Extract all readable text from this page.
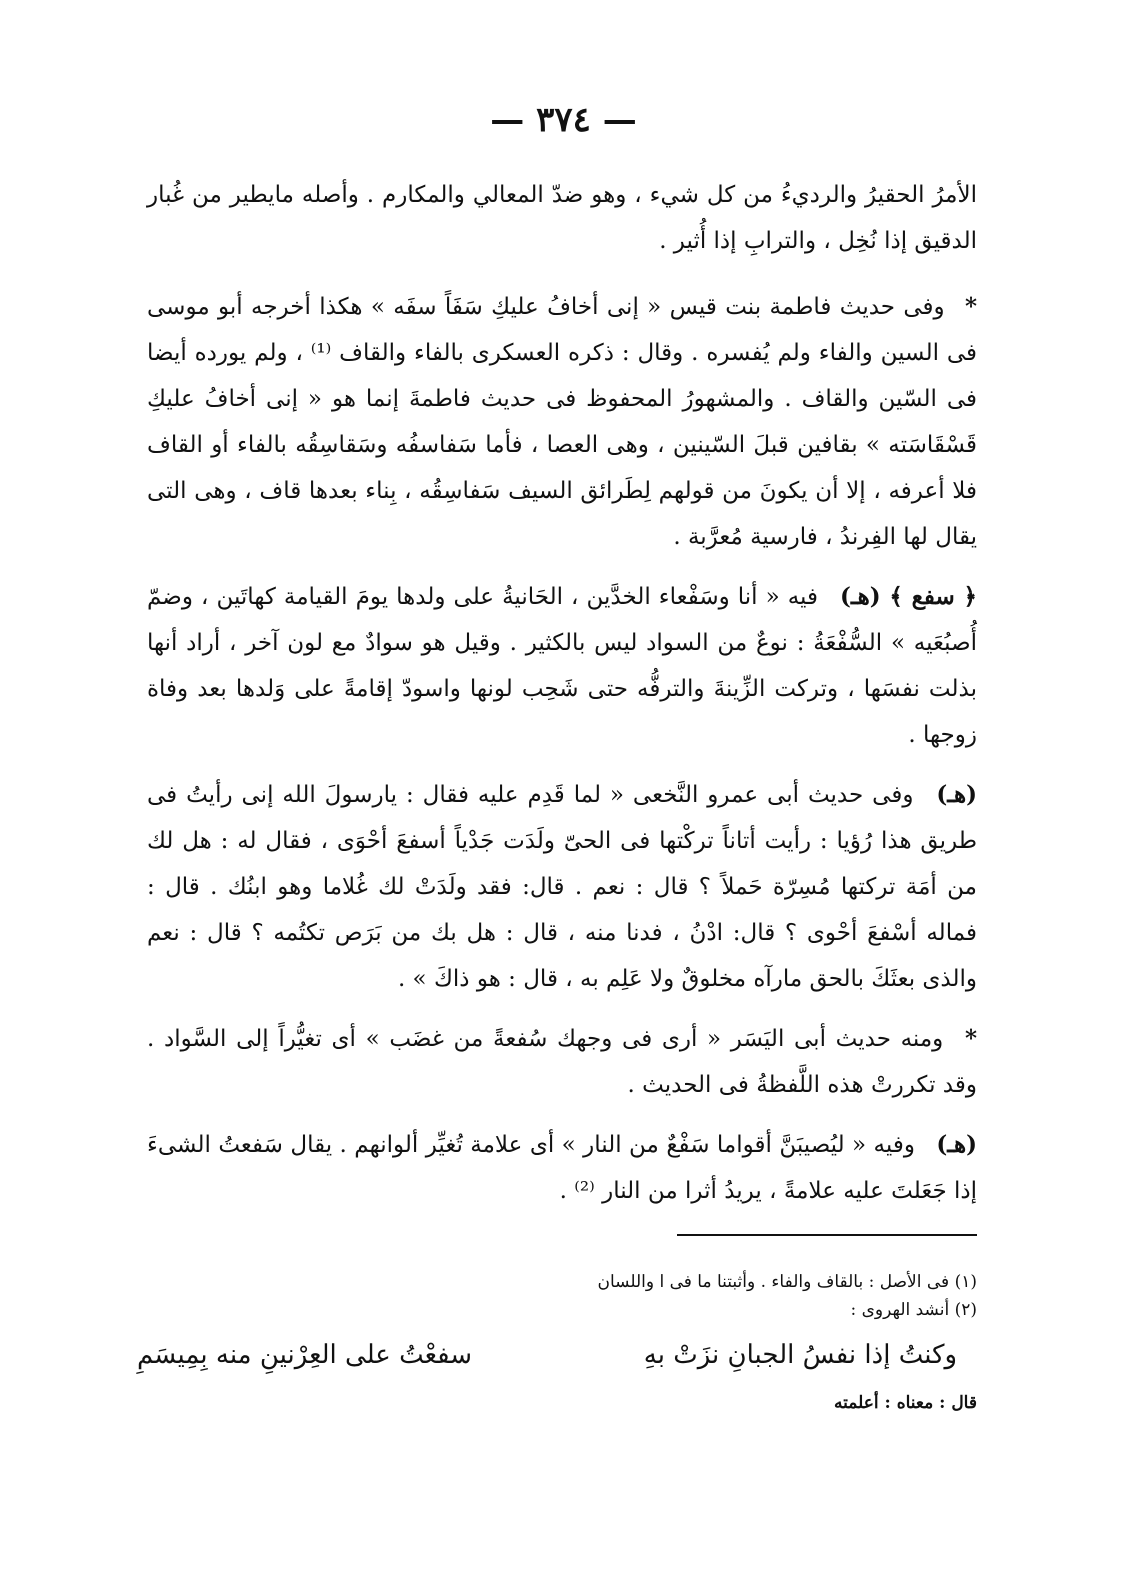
— ٣٧٤ —

الأمرُ الحقيرُ والرديءُ من كل شيء ، وهو ضدّ المعالي والمكارم . وأصله مايطير من غُبار الدقيق إذا نُخِل ، والترابِ إذا أُثير .

* وفى حديث فاطمة بنت قيس « إنى أخافُ عليكِ سَفَاً سفَه » هكذا أخرجه أبو موسى فى السين والفاء ولم يُفسره . وقال : ذكره العسكرى بالفاء والقاف ⁽¹⁾ ، ولم يورده أيضا فى السّين والقاف . والمشهورُ المحفوظ فى حديث فاطمةَ إنما هو « إنى أخافُ عليكِ قَسْقَاسَته » بقافين قبلَ السّينين ، وهى العصا ، فأما سَفاسفُه وسَقاسِقُه بالفاء أو القاف فلا أعرفه ، إلا أن يكونَ من قولهم لِطَرائق السيف سَفاسِقُه ، بِناء بعدها قاف ، وهى التى يقال لها الفِرندُ ، فارسية مُعرَّبة .

﴿ سفع ﴾ (هـ) فيه « أنا وسَفْعاء الخدَّين ، الحَانيةُ على ولدها يومَ القيامة كهاتَين ، وضمّ أُصبُعَيه » السُّفْعَةُ : نوعٌ من السواد ليس بالكثير . وقيل هو سوادٌ مع لون آخر ، أراد أنها بذلت نفسَها ، وتركت الزِّينةَ والترفُّه حتى شَحِب لونها واسودّ إقامةً على وَلدها بعد وفاة زوجها .

(هـ) وفى حديث أبى عمرو النَّخعى « لما قَدِم عليه فقال : يارسولَ الله إنى رأيتُ فى طريق هذا رُؤيا : رأيت أتاناً تركْتها فى الحىّ ولَدَت جَدْياً أسفعَ أحْوَى ، فقال له : هل لك من أمَة تركتها مُسِرّة حَملاً ؟ قال : نعم . قال: فقد ولَدَتْ لك غُلاما وهو ابنُك . قال : فماله أسْفعَ أحْوى ؟ قال: ادْنُ ، فدنا منه ، قال : هل بك من بَرَص تكتُمه ؟ قال : نعم والذى بعثَكَ بالحق مارآه مخلوقٌ ولا عَلِم به ، قال : هو ذاكَ » .

* ومنه حديث أبى اليَسَر « أرى فى وجهك سُفعةً من غضَب » أى تغيُّراً إلى السَّواد . وقد تكررتْ هذه اللَّفظةُ فى الحديث .

(هـ) وفيه « ليُصيبَنَّ أقواما سَفْعٌ من النار » أى علامة تُغيِّر ألوانهم . يقال سَفعتُ الشىءَ إذا جَعَلتَ عليه علامةً ، يريدُ أثرا من النار ⁽²⁾ .

(١) فى الأصل : بالقاف والفاء . وأثبتنا ما فى ا واللسان

(٢) أنشد الهروى :

وكنتُ إذا نفسُ الجبانِ نزَتْ بهِ
سفعْتُ على العِرْنينِ منه بِمِيسَمِ
قال : معناه : أعلمته
